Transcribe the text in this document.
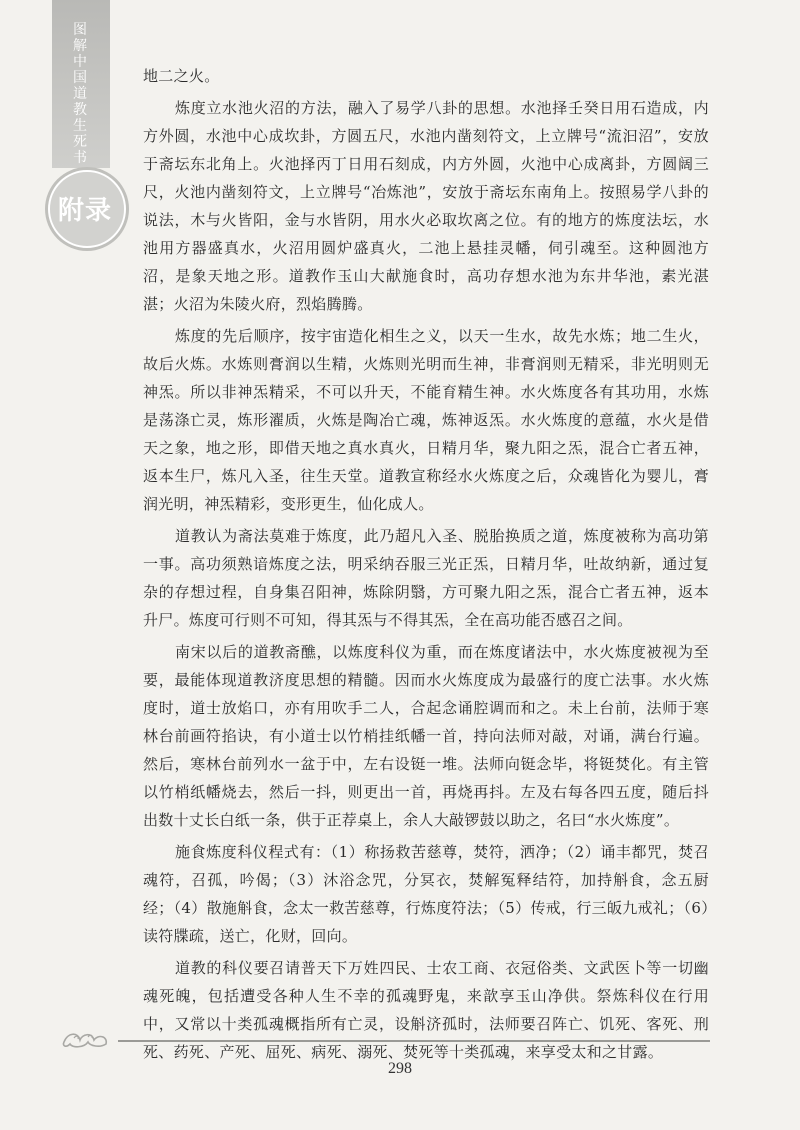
图解中国道教生死书
附录

地二之火。

炼度立水池火沼的方法，融入了易学八卦的思想。水池择壬癸日用石造成，内方外圆，水池中心成坎卦，方圆五尺，水池内凿刻符文，上立牌号“流汩沼”，安放于斋坛东北角上。火池择丙丁日用石刻成，内方外圆，火池中心成离卦，方圆阔三尺，火池内凿刻符文，上立牌号“冶炼池”，安放于斋坛东南角上。按照易学八卦的说法，木与火皆阳，金与水皆阴，用水火必取坎离之位。有的地方的炼度法坛，水池用方器盛真水，火沼用圆炉盛真火，二池上悬挂灵幡，伺引魂至。这种圆池方沼，是象天地之形。道教作玉山大献施食时，高功存想水池为东井华池，素光湛湛；火沼为朱陵火府，烈焰腾腾。

炼度的先后顺序，按宇宙造化相生之义，以天一生水，故先水炼；地二生火，故后火炼。水炼则膏润以生精，火炼则光明而生神，非膏润则无精采，非光明则无神炁。所以非神炁精采，不可以升天，不能育精生神。水火炼度各有其功用，水炼是荡涤亡灵，炼形濯质，火炼是陶冶亡魂，炼神返炁。水火炼度的意蕴，水火是借天之象，地之形，即借天地之真水真火，日精月华，聚九阳之炁，混合亡者五神，返本生尸，炼凡入圣，往生天堂。道教宣称经水火炼度之后，众魂皆化为婴儿，膏润光明，神炁精彩，变形更生，仙化成人。

道教认为斋法莫难于炼度，此乃超凡入圣、脱胎换质之道，炼度被称为高功第一事。高功须熟谙炼度之法，明采纳吞服三光正炁，日精月华，吐故纳新，通过复杂的存想过程，自身集召阳神，炼除阴翳，方可聚九阳之炁，混合亡者五神，返本升尸。炼度可行则不可知，得其炁与不得其炁，全在高功能否感召之间。

南宋以后的道教斋醮，以炼度科仪为重，而在炼度诸法中，水火炼度被视为至要，最能体现道教济度思想的精髓。因而水火炼度成为最盛行的度亡法事。水火炼度时，道士放焰口，亦有用吹手二人，合起念诵腔调而和之。未上台前，法师于寒林台前画符掐诀，有小道士以竹梢挂纸幡一首，持向法师对敲，对诵，满台行遍。然后，寒林台前列水一盆于中，左右设铤一堆。法师向铤念毕，将铤焚化。有主管以竹梢纸幡烧去，然后一抖，则更出一首，再烧再抖。左及右每各四五度，随后抖出数十丈长白纸一条，供于正荐桌上，余人大敲锣鼓以助之，名曰“水火炼度”。

施食炼度科仪程式有：（1）称扬救苦慈尊，焚符，洒净；（2）诵丰都咒，焚召魂符，召孤，吟偈；（3）沐浴念咒，分冥衣，焚解冤释结符，加持斛食，念五厨经；（4）散施斛食，念太一救苦慈尊，行炼度符法；（5）传戒，行三皈九戒礼；（6）读符牒疏，送亡，化财，回向。

道教的科仪要召请普天下万姓四民、士农工商、衣冠俗类、文武医卜等一切幽魂死魄，包括遭受各种人生不幸的孤魂野鬼，来歆享玉山净供。祭炼科仪在行用中，又常以十类孤魂概指所有亡灵，设斛济孤时，法师要召阵亡、饥死、客死、刑死、药死、产死、屈死、病死、溺死、焚死等十类孤魂，来享受太和之甘露。

298
